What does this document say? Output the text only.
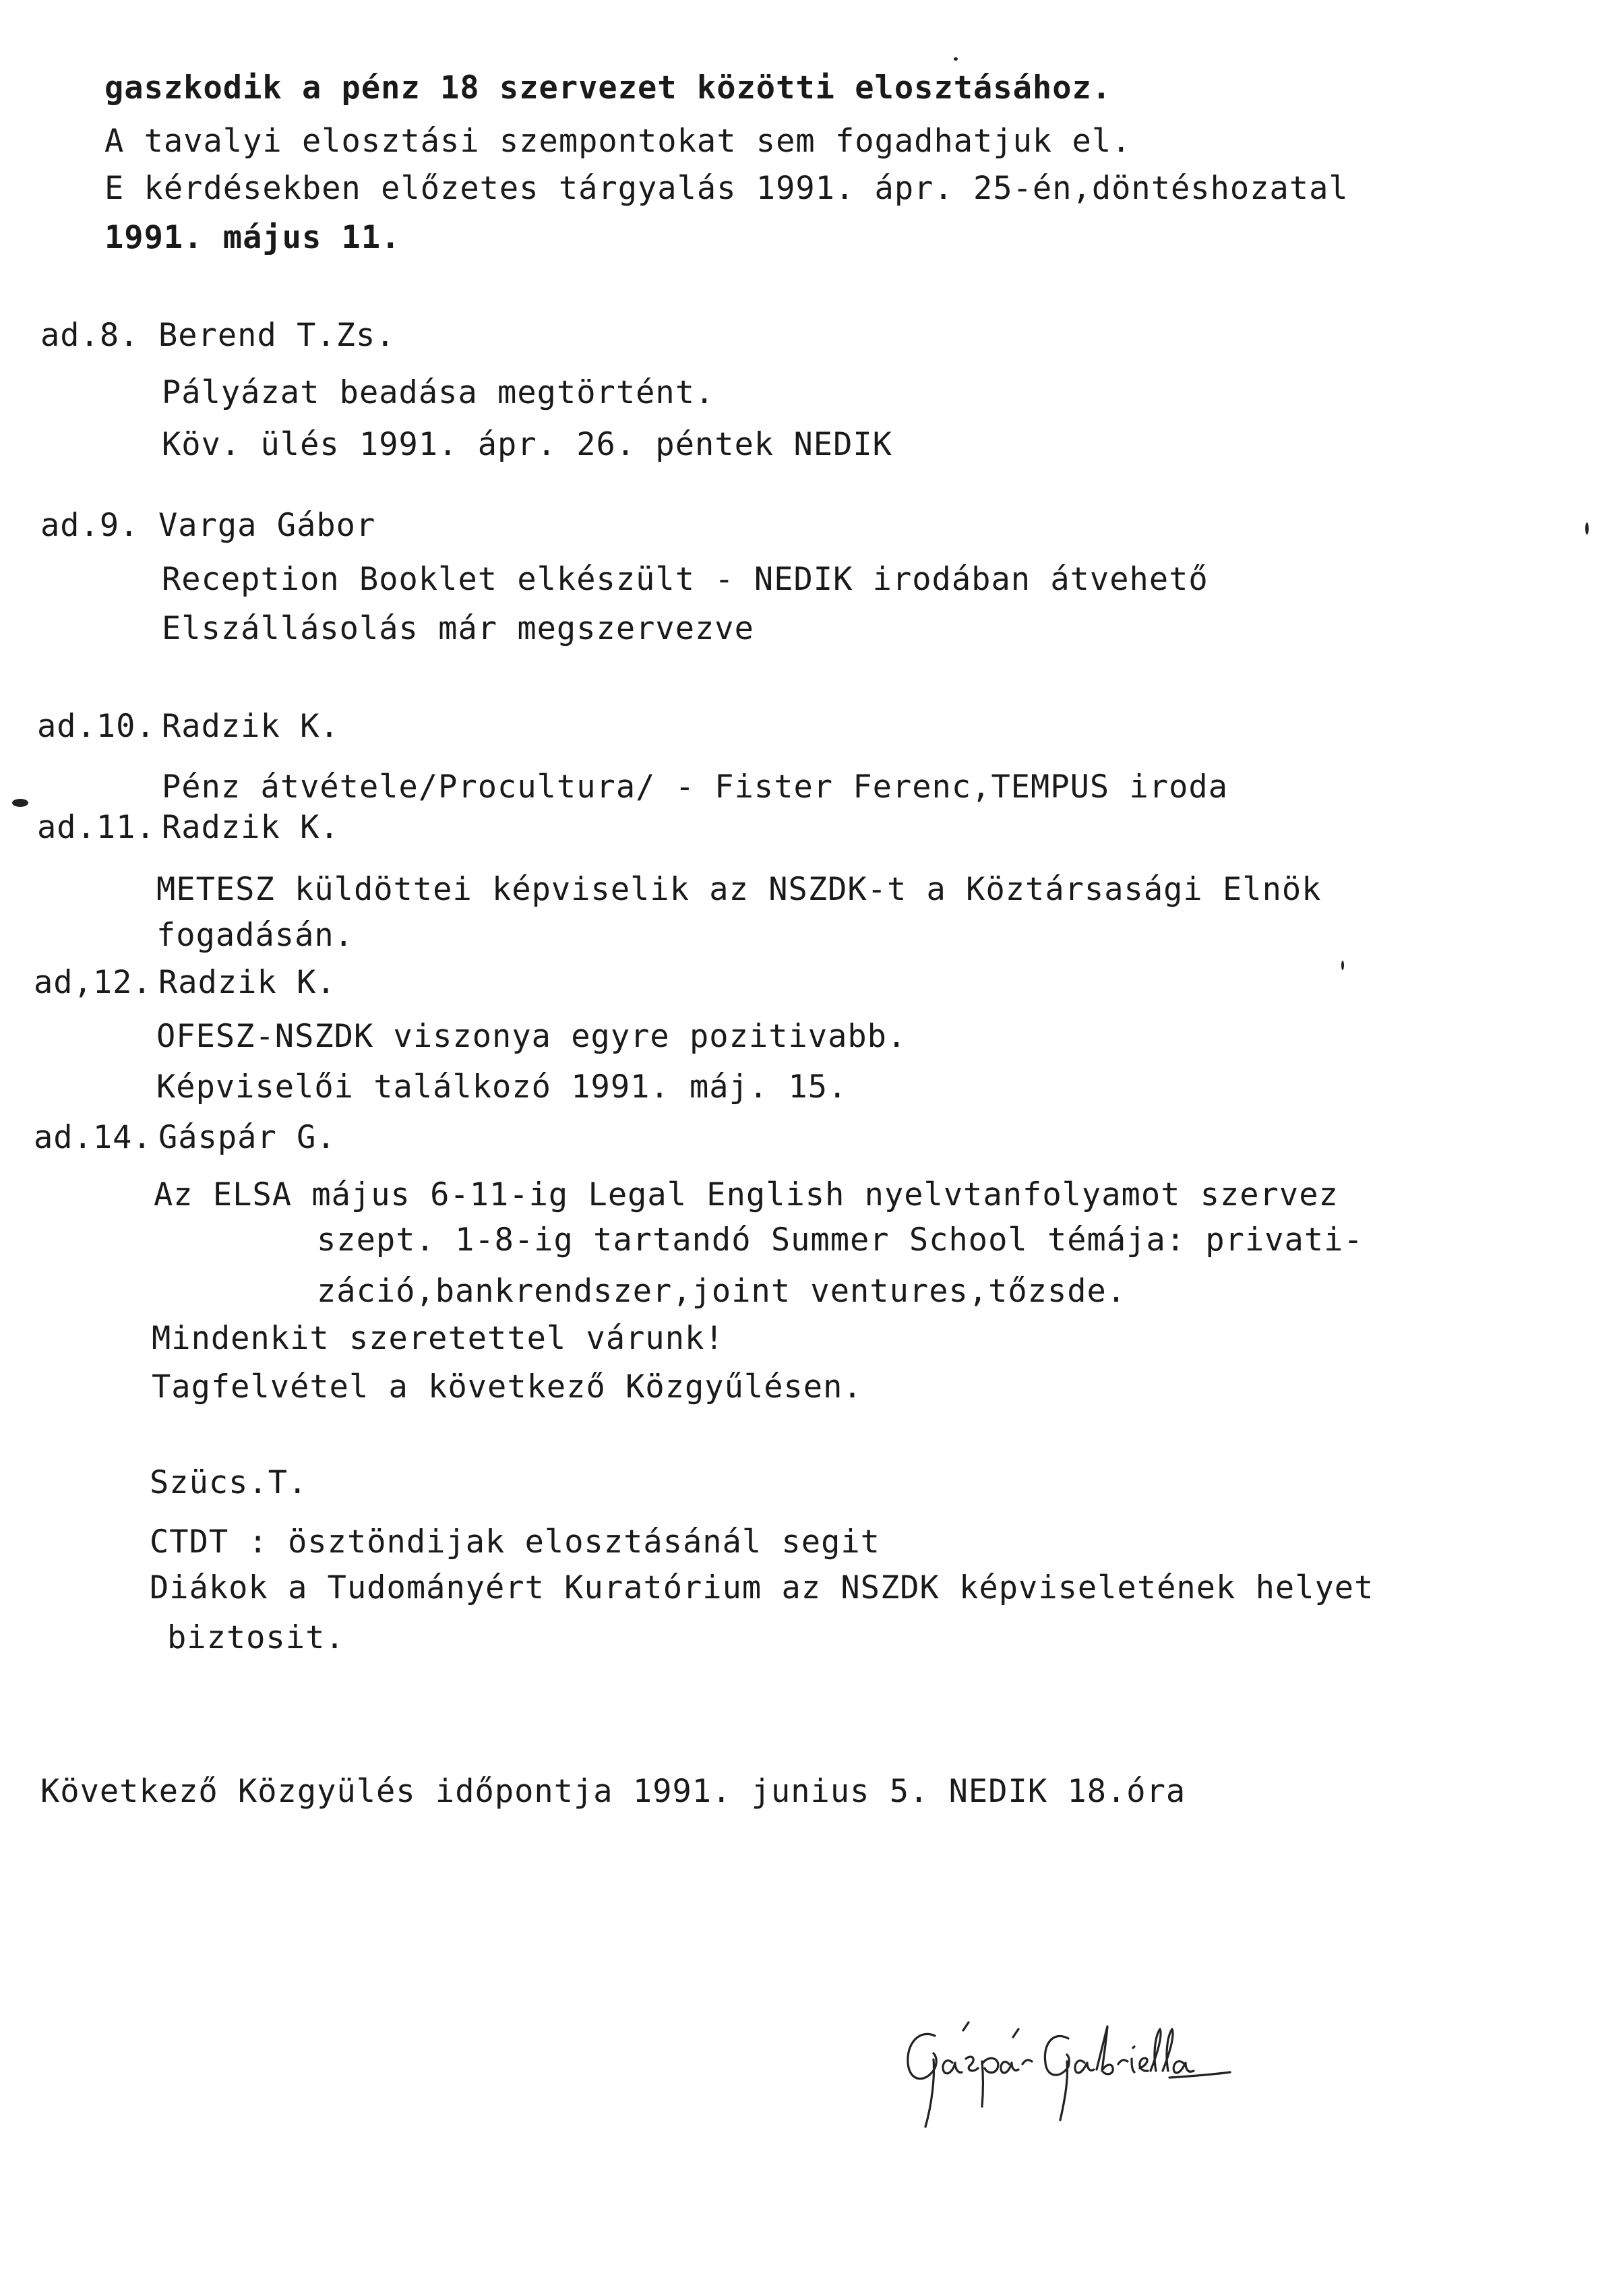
gaszkodik a pénz 18 szervezet közötti elosztásához.
A tavalyi elosztási szempontokat sem fogadhatjuk el.
E kérdésekben előzetes tárgyalás 1991. ápr. 25-én,döntéshozatal
1991. május 11.
ad.8. Berend T.Zs.
Pályázat beadása megtörtént.
Köv. ülés 1991. ápr. 26. péntek NEDIK
ad.9. Varga Gábor
Reception Booklet elkészült - NEDIK irodában átvehető
Elszállásolás már megszervezve
ad.10. Radzik K.
Pénz átvétele/Procultura/ - Fister Ferenc,TEMPUS iroda
ad.11. Radzik K.
METESZ küldöttei képviselik az NSZDK-t a Köztársasági Elnök
fogadásán.
ad,12. Radzik K.
OFESZ-NSZDK viszonya egyre pozitivabb.
Képviselői találkozó 1991. máj. 15.
ad.14. Gáspár G.
Az ELSA május 6-11-ig Legal English nyelvtanfolyamot szervez
szept. 1-8-ig tartandó Summer School témája: privati-
záció,bankrendszer,joint ventures,tőzsde.
Mindenkit szeretettel várunk!
Tagfelvétel a következő Közgyűlésen.
Szücs.T.
CTDT : ösztöndijak elosztásánál segit
Diákok a Tudományért Kuratórium az NSZDK képviseletének helyet
biztosit.
Következő Közgyülés időpontja 1991. junius 5. NEDIK 18.óra
